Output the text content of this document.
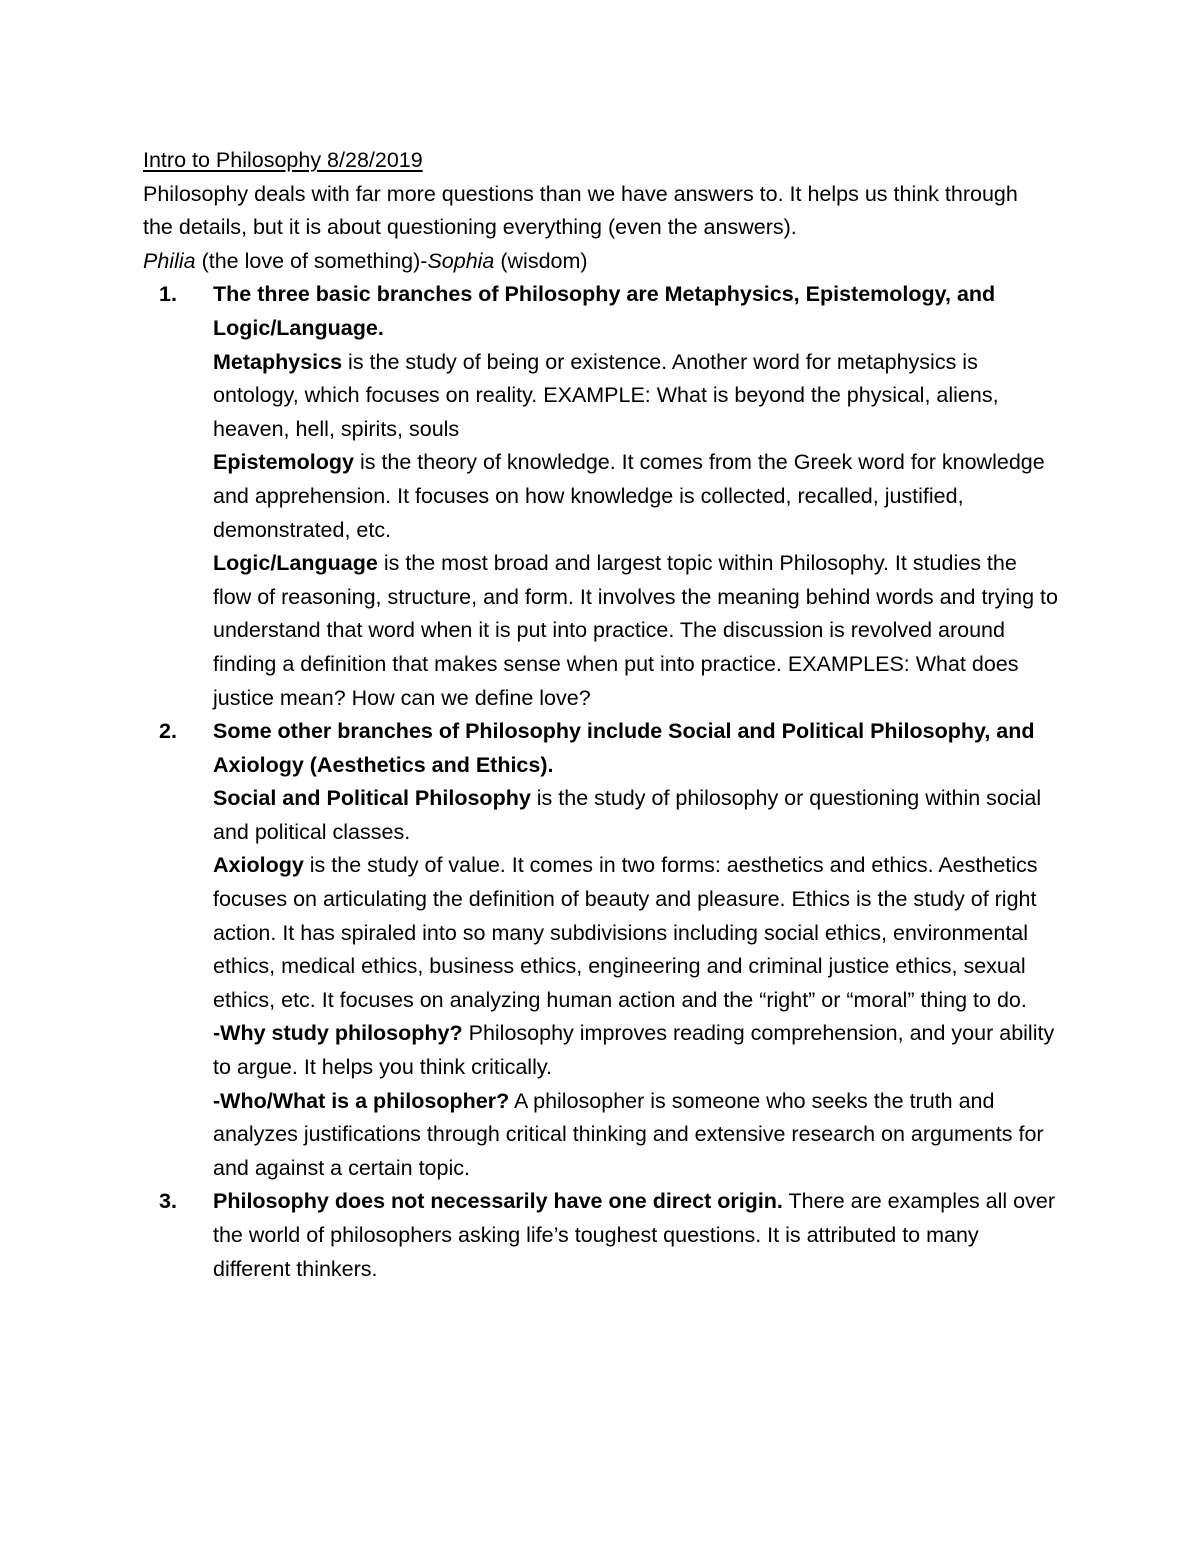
Intro to Philosophy 8/28/2019

Philosophy deals with far more questions than we have answers to. It helps us think through the details, but it is about questioning everything (even the answers).

Philia (the love of something)-Sophia (wisdom)

1. The three basic branches of Philosophy are Metaphysics, Epistemology, and Logic/Language.
Metaphysics is the study of being or existence. Another word for metaphysics is ontology, which focuses on reality. EXAMPLE: What is beyond the physical, aliens, heaven, hell, spirits, souls
Epistemology is the theory of knowledge. It comes from the Greek word for knowledge and apprehension. It focuses on how knowledge is collected, recalled, justified, demonstrated, etc.
Logic/Language is the most broad and largest topic within Philosophy. It studies the flow of reasoning, structure, and form. It involves the meaning behind words and trying to understand that word when it is put into practice. The discussion is revolved around finding a definition that makes sense when put into practice. EXAMPLES: What does justice mean? How can we define love?
2. Some other branches of Philosophy include Social and Political Philosophy, and Axiology (Aesthetics and Ethics).
Social and Political Philosophy is the study of philosophy or questioning within social and political classes.
Axiology is the study of value. It comes in two forms: aesthetics and ethics. Aesthetics focuses on articulating the definition of beauty and pleasure. Ethics is the study of right action. It has spiraled into so many subdivisions including social ethics, environmental ethics, medical ethics, business ethics, engineering and criminal justice ethics, sexual ethics, etc. It focuses on analyzing human action and the “right” or “moral” thing to do.
-Why study philosophy? Philosophy improves reading comprehension, and your ability to argue. It helps you think critically.
-Who/What is a philosopher? A philosopher is someone who seeks the truth and analyzes justifications through critical thinking and extensive research on arguments for and against a certain topic.
3. Philosophy does not necessarily have one direct origin. There are examples all over the world of philosophers asking life’s toughest questions. It is attributed to many different thinkers.
